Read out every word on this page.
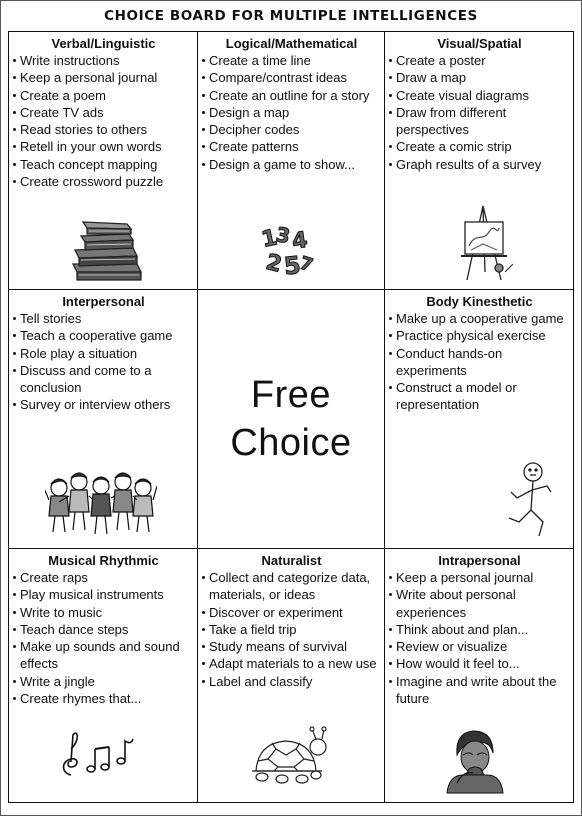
CHOICE BOARD FOR MULTIPLE INTELLIGENCES
Verbal/Linguistic
Write instructions
Keep a personal journal
Create a poem
Create TV ads
Read stories to others
Retell in your own words
Teach concept mapping
Create crossword puzzle
Logical/Mathematical
Create a time line
Compare/contrast ideas
Create an outline for a story
Design a map
Decipher codes
Create patterns
Design a game to show...
1
3
4
2
5
7
Visual/Spatial
Create a poster
Draw a map
Create visual diagrams
Draw from different perspectives
Create a comic strip
Graph results of a survey
Interpersonal
Tell stories
Teach a cooperative game
Role play a situation
Discuss and come to a conclusion
Survey or interview others	Free
Choice
Body Kinesthetic
Make up a cooperative game
Practice physical exercise
Conduct hands-on experiments
Construct a model or representation
Musical Rhythmic
Create raps
Play musical instruments
Write to music
Teach dance steps
Make up sounds and sound effects
Write a jingle
Create rhymes that...
Naturalist
Collect and categorize data, materials, or ideas
Discover or experiment
Take a field trip
Study means of survival
Adapt materials to a new use
Label and classify
Intrapersonal
Keep a personal journal
Write about personal experiences
Think about and plan...
Review or visualize
How would it feel to...
Imagine and write about the future
